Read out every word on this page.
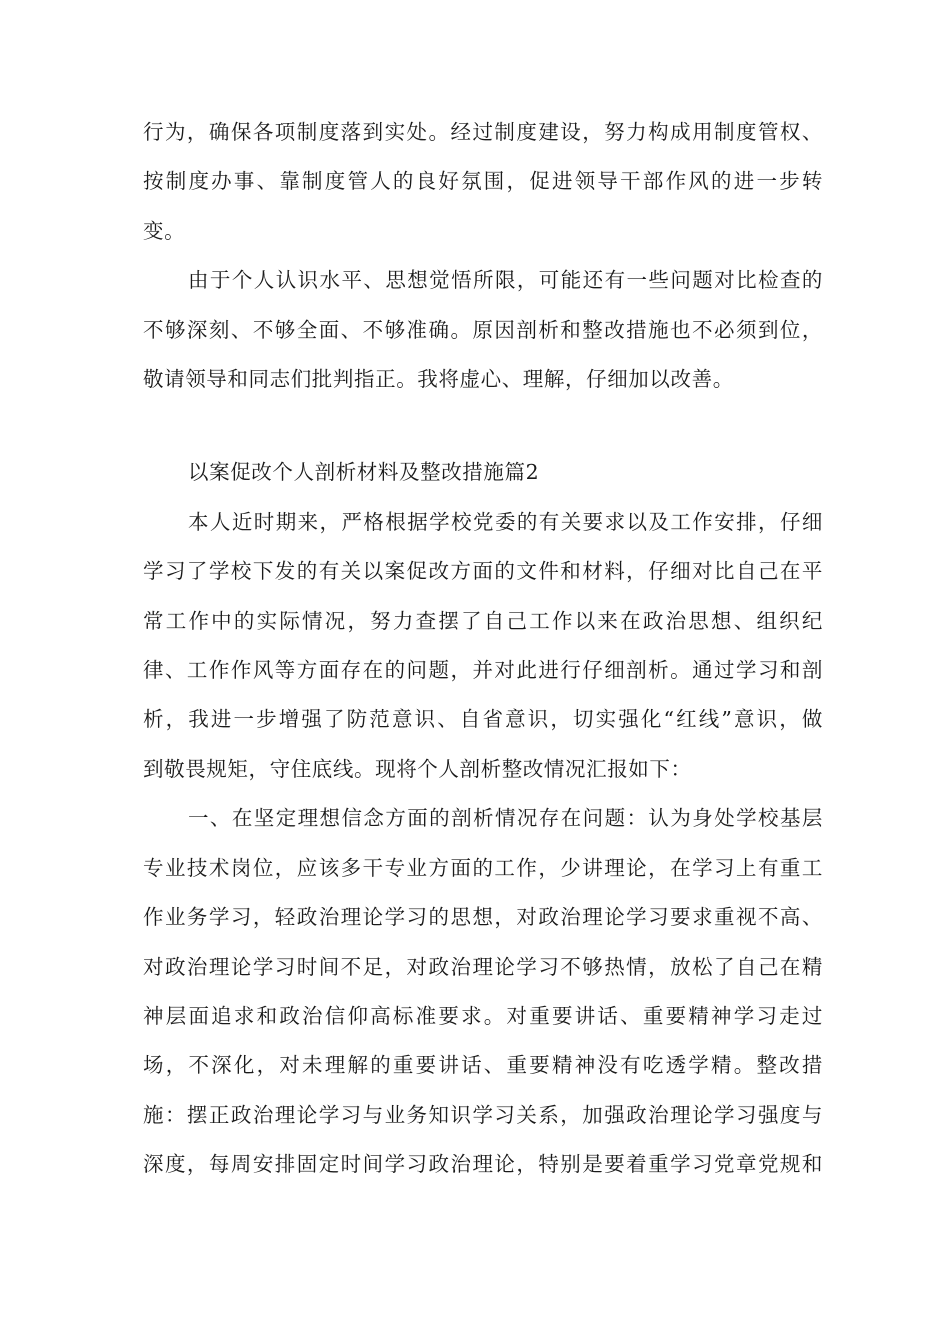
行为，确保各项制度落到实处。经过制度建设，努力构成用制度管权、
按制度办事、靠制度管人的良好氛围，促进领导干部作风的进一步转
变。
由于个人认识水平、思想觉悟所限，可能还有一些问题对比检查的
不够深刻、不够全面、不够准确。原因剖析和整改措施也不必须到位，
敬请领导和同志们批判指正。我将虚心、理解，仔细加以改善。
以案促改个人剖析材料及整改措施篇2
本人近时期来，严格根据学校党委的有关要求以及工作安排，仔细
学习了学校下发的有关以案促改方面的文件和材料，仔细对比自己在平
常工作中的实际情况，努力查摆了自己工作以来在政治思想、组织纪
律、工作作风等方面存在的问题，并对此进行仔细剖析。通过学习和剖
析，我进一步增强了防范意识、自省意识，切实强化“红线”意识，做
到敬畏规矩，守住底线。现将个人剖析整改情况汇报如下：
一、在坚定理想信念方面的剖析情况存在问题：认为身处学校基层
专业技术岗位，应该多干专业方面的工作，少讲理论，在学习上有重工
作业务学习，轻政治理论学习的思想，对政治理论学习要求重视不高、
对政治理论学习时间不足，对政治理论学习不够热情，放松了自己在精
神层面追求和政治信仰高标准要求。对重要讲话、重要精神学习走过
场，不深化，对未理解的重要讲话、重要精神没有吃透学精。整改措
施：摆正政治理论学习与业务知识学习关系，加强政治理论学习强度与
深度，每周安排固定时间学习政治理论，特别是要着重学习党章党规和
